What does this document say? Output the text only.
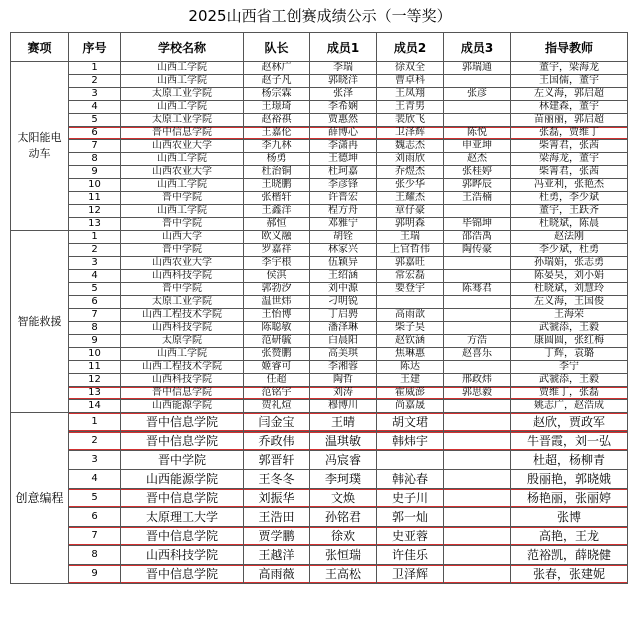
2025山西省工创赛成绩公示（一等奖）
赛项	序号	学校名称	队长	成员1	成员2	成员3	指导教师
太阳能电动车	1	山西工学院	赵林广	李瑞	徐双全	郭瑞通	董宇，梁海龙
	2	山西工学院	赵子凡	郭晓洋	曹卓科		王国儒，董宇
	3	太原工业学院	杨宗霖	张泽	王凤翔	张彦	左义海，郭启超
	4	山西工学院	王璟琦	李希娴	王青男		林建森，董宇
	5	太原工业学院	赵裕祺	贾惠然	裴欣飞		苗丽丽，郭启超
	6	晋中信息学院	王嘉伦	薛博心	卫泽辉	陈悦	张磊，贾维丁
	7	山西农业大学	李九林	李潇冉	魏志杰	申亚坤	柴箐君，张茜
	8	山西工学院	杨勇	王德坤	刘雨欣	赵杰	梁海龙，董宇
	9	山西农业大学	杜治铜	杜珂嘉	乔煜杰	张桂婷	柴箐君，张茜
	10	山西工学院	王晓鹏	李彦锋	张少华	郭晔辰	冯亚利，张艳杰
	11	晋中学院	张楷轩	许晋宏	王耀杰	王浩楠	杜勇，李少斌
	12	山西工学院	王鑫洋	程方舟	章仔豪		董宇，王跃齐
	13	晋中学院	郝恒	邓雅宁	郭明森	毕锦坤	杜晓斌，陈晨
智能救援	1	山西大学	欧义融	胡铨	王瑞	邵浩禹	赵法刚
	2	晋中学院	罗嘉祥	林家兴	上官哲伟	陶传豪	李少斌，杜勇
	3	山西农业大学	李宇根	伍颖异	郭嘉旺		孙瑞娟，张志勇
	4	山西科技学院	侯淇	王绍涵	常宏磊		陈晏昊，刘小娟
	5	晋中学院	郭勃汐	刘中源	要登宇	陈骞君	杜晓斌，刘慧玲
	6	太原工业学院	温世炜	刁明锐			左义海，王国俊
	7	山西工程技术学院	王怡博	丁启骋	高雨歆		王海荣
	8	山西科技学院	陈聪敏	潘泽琳	柴子昊		武虢添，王毅
	9	太原学院	范研毓	白晨阳	赵钦涵	方浩	康圆圆，张红梅
	10	山西工学院	张赞鹏	高美琪	焦琳惠	赵喜乐	丁辉，袁璐
	11	山西工程技术学院	姬睿可	李湘蓉	陈达		李宁
	12	山西科技学院	任超	陶哲	王建	邢政炜	武虢添，王毅
	13	晋中信息学院	范铭宇	刘涛	霍威澎	郭思毅	贾维丁，张磊
	14	山西能源学院	贺礼煊	穆博川	尚嘉晟		姚志广，赵浩成
创意编程	1	晋中信息学院	闫金宝	王晴	胡文珺		赵欣，贾政军
	2	晋中信息学院	乔政伟	温琪敏	韩炜宇		牛晋霞，刘一弘
	3	晋中学院	郭晋轩	冯宸睿			杜超，杨柳青
	4	山西能源学院	王冬冬	李珂璞	韩沁春		殷丽艳，郭晓娥
	5	晋中信息学院	刘振华	文焕	史子川		杨艳丽，张丽婷
	6	太原理工大学	王浩田	孙铭君	郭一灿		张博
	7	晋中信息学院	贾学鹏	徐欢	史亚蓉		高艳，王龙
	8	山西科技学院	王越洋	张恒瑞	许佳乐		范裕凯，薛晓健
	9	晋中信息学院	高雨薇	王高松	卫泽辉		张春，张建妮
